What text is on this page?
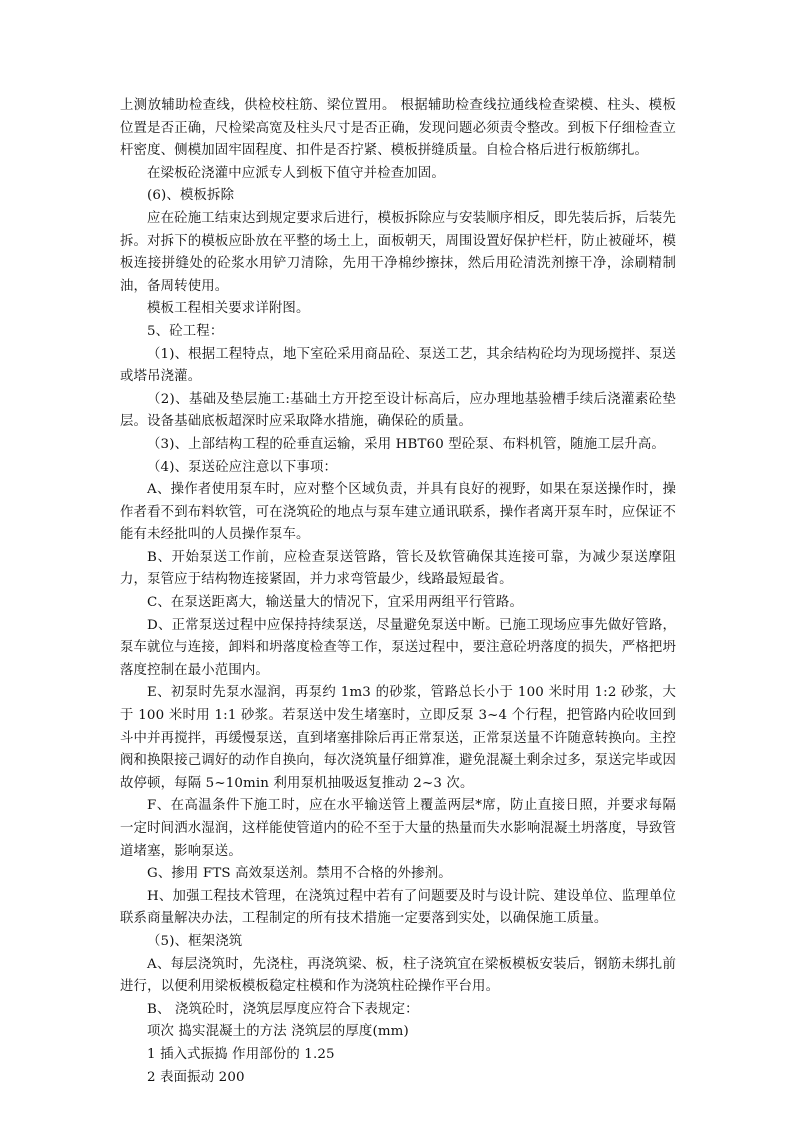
上测放辅助检查线，供检校柱筋、梁位置用。 根据辅助检查线拉通线检查梁模、柱头、模板位置是否正确，尺检梁高宽及柱头尺寸是否正确，发现问题必须责令整改。到板下仔细检查立杆密度、侧模加固牢固程度、扣件是否拧紧、模板拼缝质量。自检合格后进行板筋绑扎。

在梁板砼浇灌中应派专人到板下值守并检查加固。

(6)、模板拆除

应在砼施工结束达到规定要求后进行，模板拆除应与安装顺序相反，即先装后拆，后装先拆。对拆下的模板应卧放在平整的场土上，面板朝天，周围设置好保护栏杆，防止被碰坏，模板连接拼缝处的砼浆水用铲刀清除，先用干净棉纱擦抹，然后用砼清洗剂擦干净，涂刷精制油，备周转使用。

模板工程相关要求详附图。

5、砼工程：

（1)、根据工程特点，地下室砼采用商品砼、泵送工艺，其余结构砼均为现场搅拌、泵送或塔吊浇灌。

（2)、基础及垫层施工:基础土方开挖至设计标高后，应办理地基验槽手续后浇灌素砼垫层。设备基础底板超深时应采取降水措施，确保砼的质量。

（3)、上部结构工程的砼垂直运输，采用 HBT60 型砼泵、布料机管，随施工层升高。

（4)、泵送砼应注意以下事项：

A、操作者使用泵车时，应对整个区域负责，并具有良好的视野，如果在泵送操作时，操作者看不到布料软管，可在浇筑砼的地点与泵车建立通讯联系，操作者离开泵车时，应保证不能有未经批叫的人员操作泵车。

B、开始泵送工作前，应检查泵送管路，管长及软管确保其连接可靠，为减少泵送摩阻力，泵管应于结构物连接紧固，并力求弯管最少，线路最短最省。

C、在泵送距离大，输送量大的情况下，宜采用两组平行管路。

D、正常泵送过程中应保持持续泵送，尽量避免泵送中断。已施工现场应事先做好管路，泵车就位与连接，卸料和坍落度检查等工作，泵送过程中，要注意砼坍落度的损失，严格把坍落度控制在最小范围内。

E、初泵时先泵水湿润，再泵约 1m3 的砂浆，管路总长小于 100 米时用 1:2 砂浆，大于 100 米时用 1:1 砂浆。若泵送中发生堵塞时，立即反泵 3~4 个行程，把管路内砼收回到斗中并再搅拌，再缓慢泵送，直到堵塞排除后再正常泵送，正常泵送量不许随意转换向。主控阀和换限接己调好的动作自换向，每次浇筑量仔细算准，避免混凝土剩余过多，泵送完毕或因故停顿，每隔 5~10min 利用泵机抽吸返复推动 2~3 次。

F、在高温条件下施工时，应在水平输送管上覆盖两层*席，防止直接日照，并要求每隔一定时间洒水湿润，这样能使管道内的砼不至于大量的热量而失水影响混凝土坍落度，导致管道堵塞，影响泵送。

G、掺用 FTS 高效泵送剂。禁用不合格的外掺剂。

H、加强工程技术管理，在浇筑过程中若有了问题要及时与设计院、建设单位、监理单位联系商量解决办法，工程制定的所有技术措施一定要落到实处，以确保施工质量。

（5)、框架浇筑

A、每层浇筑时，先浇柱，再浇筑梁、板，柱子浇筑宜在梁板模板安装后，钢筋未绑扎前进行，以便利用梁板模板稳定柱模和作为浇筑柱砼操作平台用。

B、 浇筑砼时，浇筑层厚度应符合下表规定：

项次 捣实混凝土的方法 浇筑层的厚度(mm)

1 插入式振捣 作用部份的 1.25

2 表面振动 200
